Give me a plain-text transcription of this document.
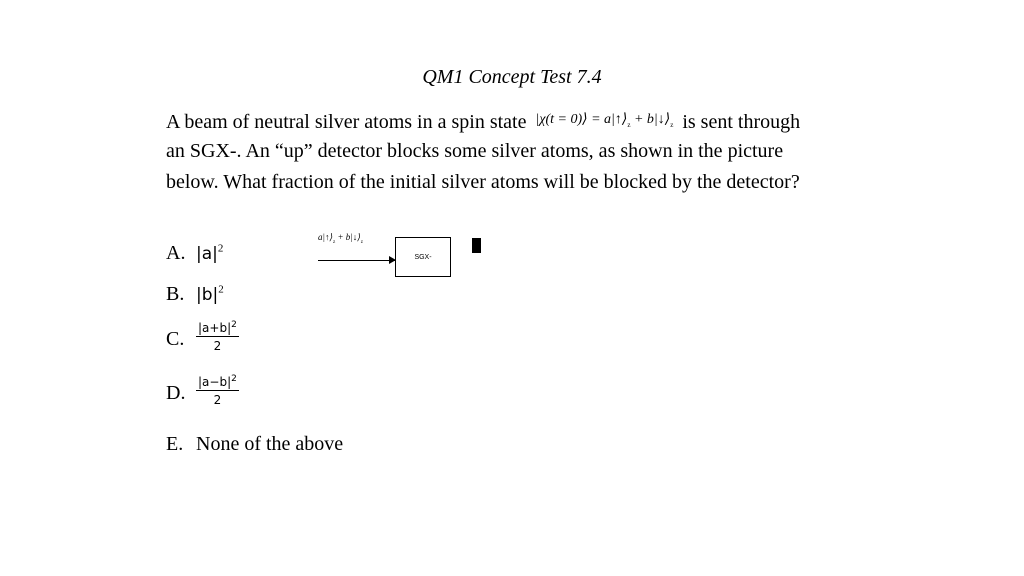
QM1 Concept Test 7.4
A beam of neutral silver atoms in a spin state |χ(t = 0)⟩ = $a|↑⟩_z$ + $b|↓⟩_z$ is sent through
an SGX-. An “up” detector blocks some silver atoms, as shown in the picture
below. What fraction of the initial silver atoms will be blocked by the detector?
$a|↑⟩_z$ + $b|↓⟩_z$
SGX-
A. $|a|^2$
B. $|b|^2$
C. $\frac{|a+b|^2}{2}$
D. $\frac{|a-b|^2}{2}$
E. None of the above
